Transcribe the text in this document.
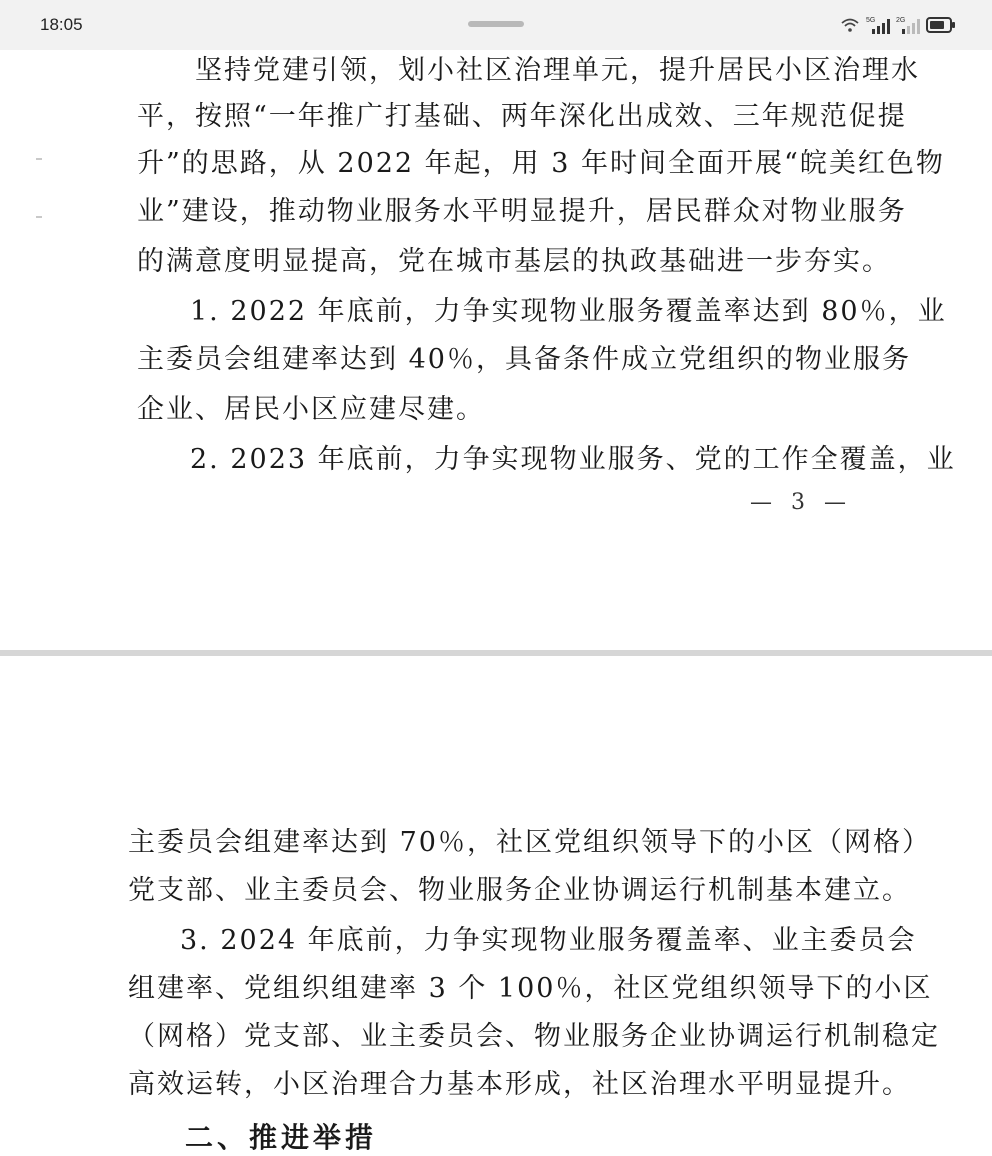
18:05	5G	2G
坚持党建引领，划小社区治理单元，提升居民小区治理水
平，按照“一年推广打基础、两年深化出成效、三年规范促提
升”的思路，从 2022 年起，用 3 年时间全面开展“皖美红色物
业”建设，推动物业服务水平明显提升，居民群众对物业服务
的满意度明显提高，党在城市基层的执政基础进一步夯实。
1. 2022 年底前，力争实现物业服务覆盖率达到 80％，业
主委员会组建率达到 40％，具备条件成立党组织的物业服务
企业、居民小区应建尽建。
2. 2023 年底前，力争实现物业服务、党的工作全覆盖，业
— 3 —
主委员会组建率达到 70％，社区党组织领导下的小区（网格）
党支部、业主委员会、物业服务企业协调运行机制基本建立。
3. 2024 年底前，力争实现物业服务覆盖率、业主委员会
组建率、党组织组建率 3 个 100％，社区党组织领导下的小区
（网格）党支部、业主委员会、物业服务企业协调运行机制稳定
高效运转，小区治理合力基本形成，社区治理水平明显提升。
二、推进举措
